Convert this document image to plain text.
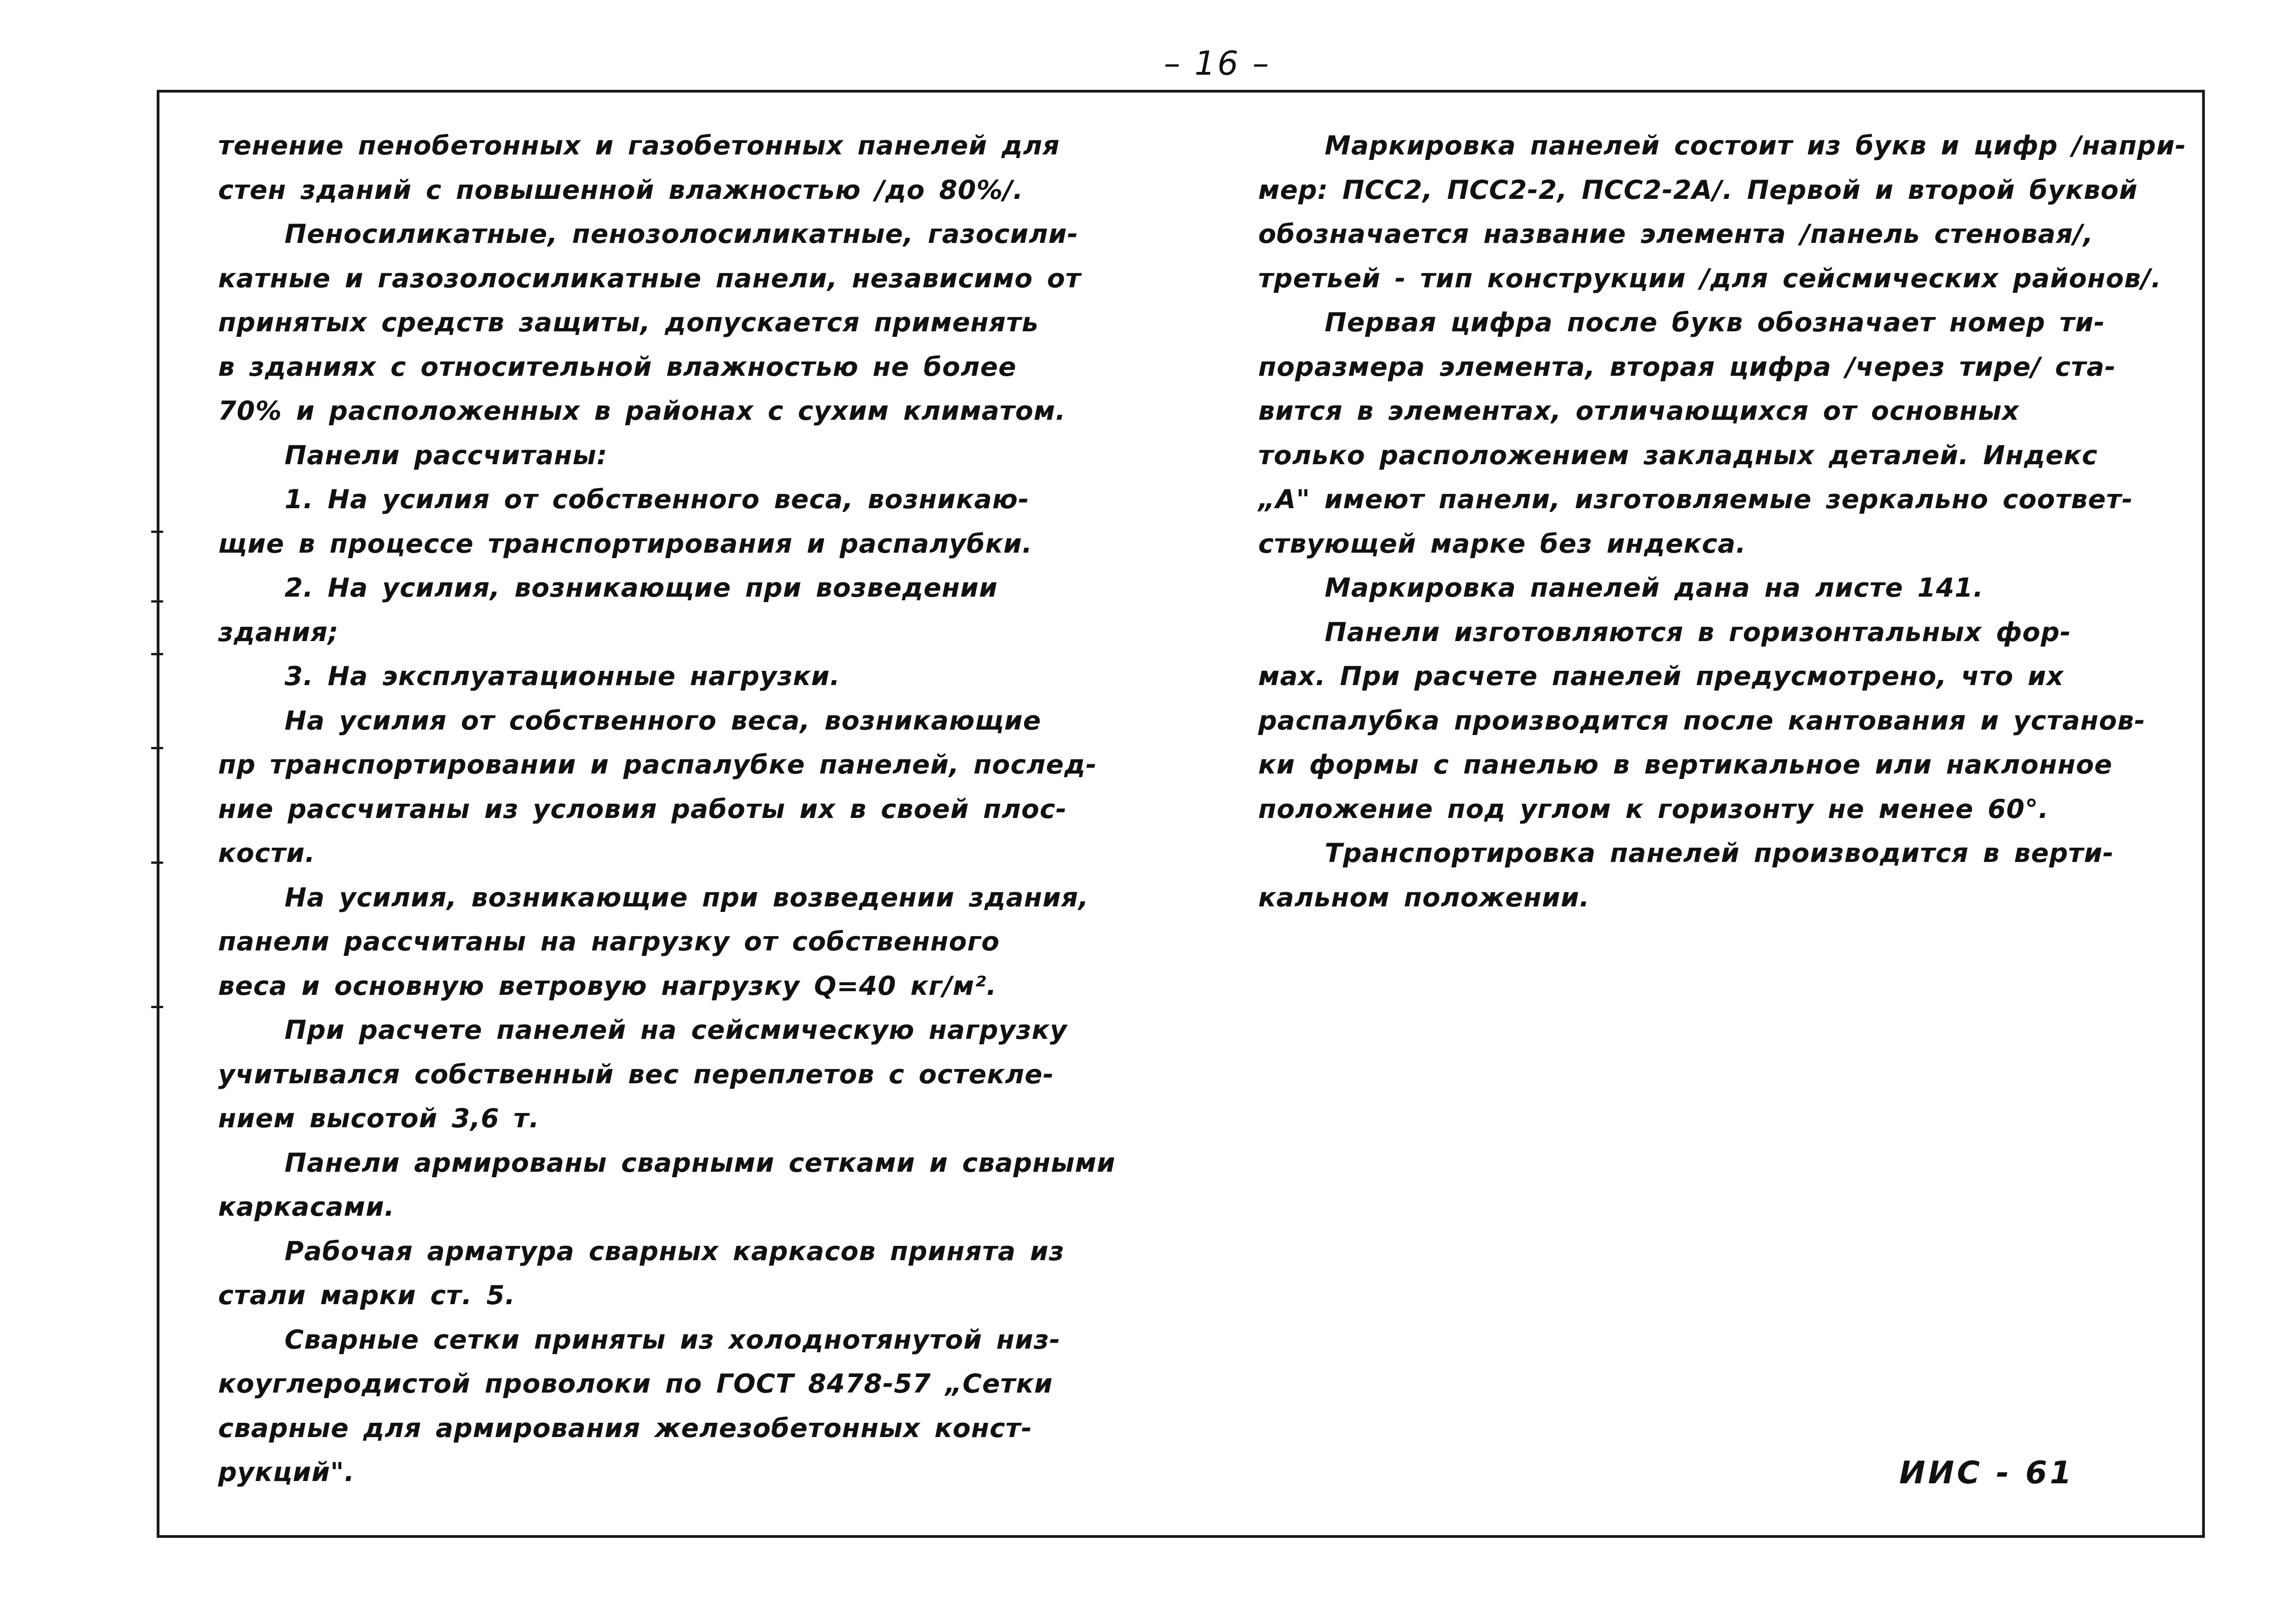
– 16 –
тенение пенобетонных и газобетонных панелей для
стен зданий с повышенной влажностью /до 80%/.
Пеносиликатные, пенозолосиликатные, газосили-
катные и газозолосиликатные панели, независимо от
принятых средств защиты, допускается применять
в зданиях с относительной влажностью не более
70% и расположенных в районах с сухим климатом.
Панели рассчитаны:
1. На усилия от собственного веса, возникаю-
щие в процессе транспортирования и распалубки.
2. На усилия, возникающие при возведении
здания;
3. На эксплуатационные нагрузки.
На усилия от собственного веса, возникающие
пр транспортировании и распалубке панелей, послед-
ние рассчитаны из условия работы их в своей плос-
кости.
На усилия, возникающие при возведении здания,
панели рассчитаны на нагрузку от собственного
веса и основную ветровую нагрузку Q=40 кг/м².
При расчете панелей на сейсмическую нагрузку
учитывался собственный вес переплетов с остекле-
нием высотой 3,6 т.
Панели армированы сварными сетками и сварными
каркасами.
Рабочая арматура сварных каркасов принята из
стали марки ст. 5.
Сварные сетки приняты из холоднотянутой низ-
коуглеродистой проволоки по ГОСТ 8478-57 „Сетки
сварные для армирования железобетонных конст-
рукций".
Маркировка панелей состоит из букв и цифр /напри-
мер: ПСС2, ПСС2-2, ПСС2-2А/. Первой и второй буквой
обозначается название элемента /панель стеновая/,
третьей - тип конструкции /для сейсмических районов/.
Первая цифра после букв обозначает номер ти-
поразмера элемента, вторая цифра /через тире/ ста-
вится в элементах, отличающихся от основных
только расположением закладных деталей. Индекс
„А" имеют панели, изготовляемые зеркально соответ-
ствующей марке без индекса.
Маркировка панелей дана на листе 141.
Панели изготовляются в горизонтальных фор-
мах. При расчете панелей предусмотрено, что их
распалубка производится после кантования и установ-
ки формы с панелью в вертикальное или наклонное
положение под углом к горизонту не менее 60°.
Транспортировка панелей производится в верти-
кальном положении.
ИИС - 61
